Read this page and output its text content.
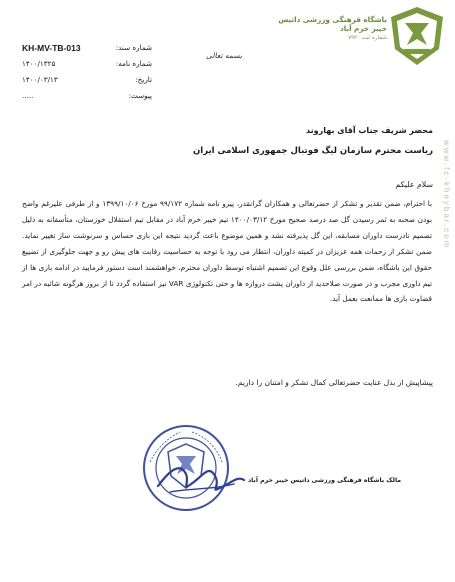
KH-MV-TB-013	شماره سند:
۱۴۰۰/۱۳۲۵	شماره نامه:
۱۴۰۰/۰۳/۱۳	تاریخ:
.....	پیوست:
بسمه تعالی
باشگاه فرهنگی ورزشی داتیس خیبر خرم آباد
شماره ثبت ۷۹۲۰
www.fc-kheybar.com
محضر شریف جناب آقای بهاروند
ریاست محترم سازمان لیگ فوتبال جمهوری اسلامی ایران
سلام علیکم
با احترام، ضمن تقدیر و تشکر از حضرتعالی و همکاران گرانقدر، پیرو نامه شماره ۹۹/۱۷۲ مورخ ۱۳۹۹/۱۰/۰۶ و از طرفی علیرغم واضح بودن صحنه به ثمر رسیدن گل صد درصد صحیح مورخ ۱۴۰۰/۰۳/۱۲ تیم خیبر خرم آباد در مقابل تیم استقلال خوزستان، متأسفانه به دلیل تصمیم نادرست داوران مسابقه، این گل پذیرفته نشد و همین موضوع باعث گردید نتیجه این بازی حساس و سرنوشت ساز تغییر نماید. ضمن تشکر از زحمات همه عزیزان در کمیته داوران، انتظار می رود با توجه به حساسیت رقابت های پیش رو و جهت جلوگیری از تضییع حقوق این باشگاه، ضمن بررسی علل وقوع این تصمیم اشتباه توسط داوران محترم، خواهشمند است دستور فرمایید در ادامه بازی ها از تیم داوری مجرب و در صورت صلاحدید از داوران پشت دروازه ها و حتی تکنولوژی VAR نیز استفاده گردد تا از بروز هرگونه شائبه در امر قضاوت بازی ها ممانعت بعمل آید.
پیشاپیش از بذل عنایت حضرتعالی کمال تشکر و امتنان را داریم.
مالک باشگاه فرهنگی ورزشی داتیس خیبر خرم آباد
